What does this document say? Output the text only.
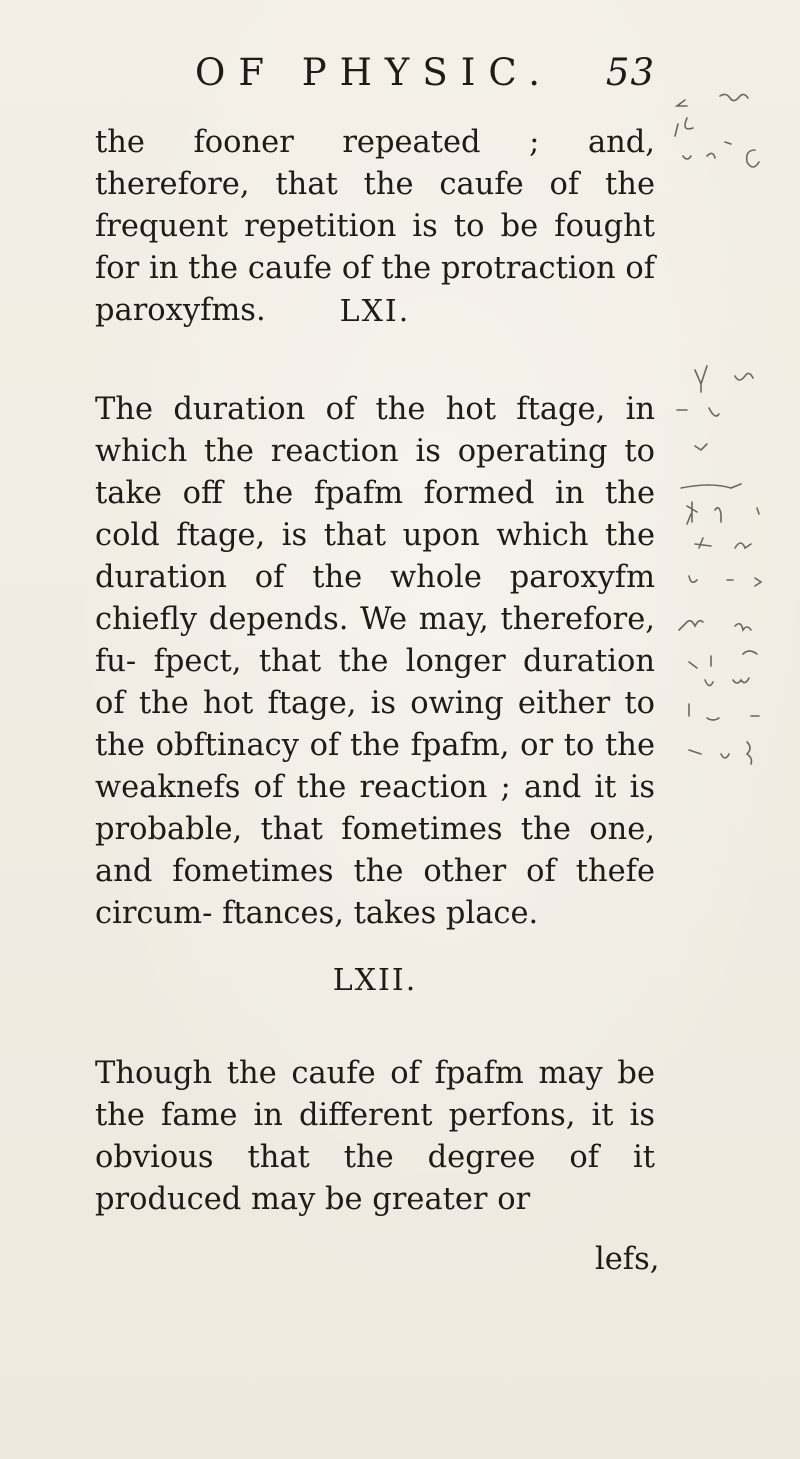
OF PHYSIC. 53

the fooner repeated ; and, therefore, that the caufe of the frequent repetition is to be fought for in the caufe of the protraction of paroxyfms.	LXI.

The duration of the hot ftage, in which the reaction is operating to take off the fpafm formed in the cold ftage, is that upon which the duration of the whole paroxyfm chiefly depends. We may, therefore, fu- fpect, that the longer duration of the hot ftage, is owing either to the obftinacy of the fpafm, or to the weaknefs of the reaction ; and it is probable, that fometimes the one, and fometimes the other of thefe circum- ftances, takes place.

LXII.

Though the caufe of fpafm may be the fame in different perfons, it is obvious that the degree of it produced may be greater or

lefs,
